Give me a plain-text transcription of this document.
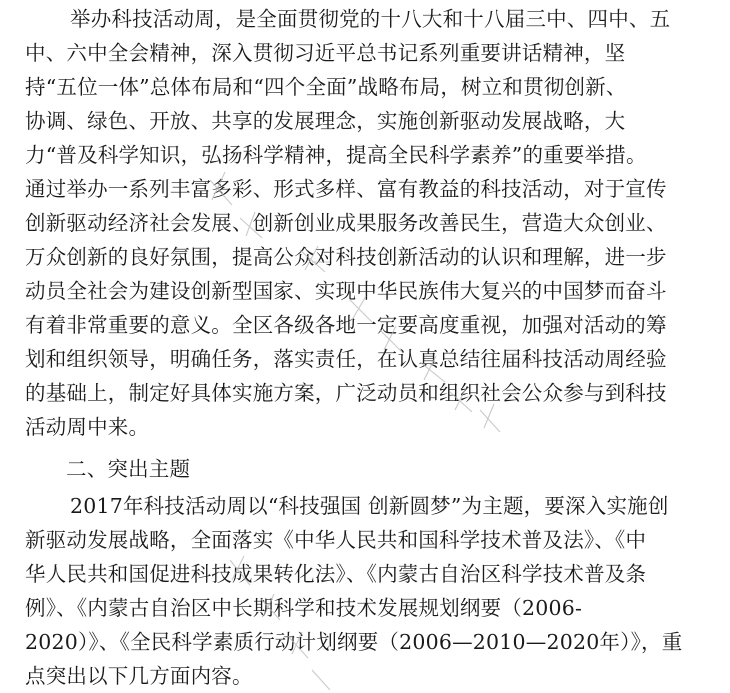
举办科技活动周，是全面贯彻党的十八大和十八届三中、四中、五
中、六中全会精神，深入贯彻习近平总书记系列重要讲话精神，坚
持“五位一体”总体布局和“四个全面”战略布局，树立和贯彻创新、
协调、绿色、开放、共享的发展理念，实施创新驱动发展战略，大
力“普及科学知识，弘扬科学精神，提高全民科学素养”的重要举措。
通过举办一系列丰富多彩、形式多样、富有教益的科技活动，对于宣传
创新驱动经济社会发展、创新创业成果服务改善民生，营造大众创业、
万众创新的良好氛围，提高公众对科技创新活动的认识和理解，进一步
动员全社会为建设创新型国家、实现中华民族伟大复兴的中国梦而奋斗
有着非常重要的意义。全区各级各地一定要高度重视，加强对活动的筹
划和组织领导，明确任务，落实责任，在认真总结往届科技活动周经验
的基础上，制定好具体实施方案，广泛动员和组织社会公众参与到科技
活动周中来。
二、突出主题
2017年科技活动周以“科技强国 创新圆梦”为主题，要深入实施创
新驱动发展战略，全面落实《中华人民共和国科学技术普及法》、《中
华人民共和国促进科技成果转化法》、《内蒙古自治区科学技术普及条
例》、《内蒙古自治区中长期科学和技术发展规划纲要（2006-
2020）》、《全民科学素质行动计划纲要（2006—2010—2020年）》，重
点突出以下几方面内容。
